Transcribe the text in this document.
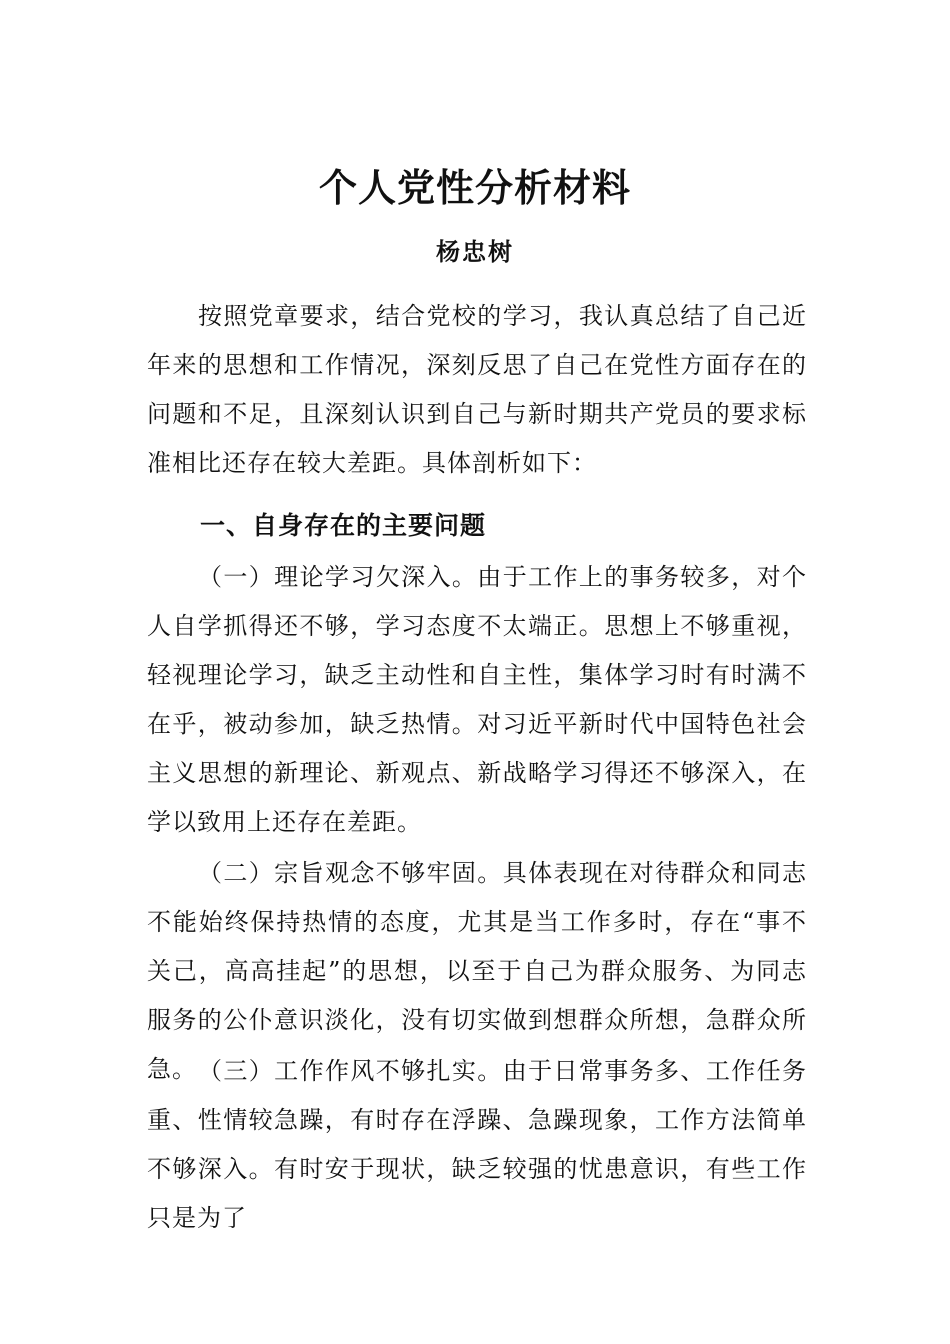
个人党性分析材料
杨忠树

按照党章要求，结合党校的学习，我认真总结了自己近年来的思想和工作情况，深刻反思了自己在党性方面存在的问题和不足，且深刻认识到自己与新时期共产党员的要求标准相比还存在较大差距。具体剖析如下：

一、自身存在的主要问题

（一）理论学习欠深入。由于工作上的事务较多，对个人自学抓得还不够，学习态度不太端正。思想上不够重视，轻视理论学习，缺乏主动性和自主性，集体学习时有时满不在乎，被动参加，缺乏热情。对习近平新时代中国特色社会主义思想的新理论、新观点、新战略学习得还不够深入，在学以致用上还存在差距。

（二）宗旨观念不够牢固。具体表现在对待群众和同志不能始终保持热情的态度，尤其是当工作多时，存在“事不关己，高高挂起”的思想，以至于自己为群众服务、为同志服务的公仆意识淡化，没有切实做到想群众所想，急群众所急。 （三）工作作风不够扎实。由于日常事务多、工作任务重、性情较急躁，有时存在浮躁、急躁现象，工作方法简单不够深入。有时安于现状，缺乏较强的忧患意识，有些工作只是为了
